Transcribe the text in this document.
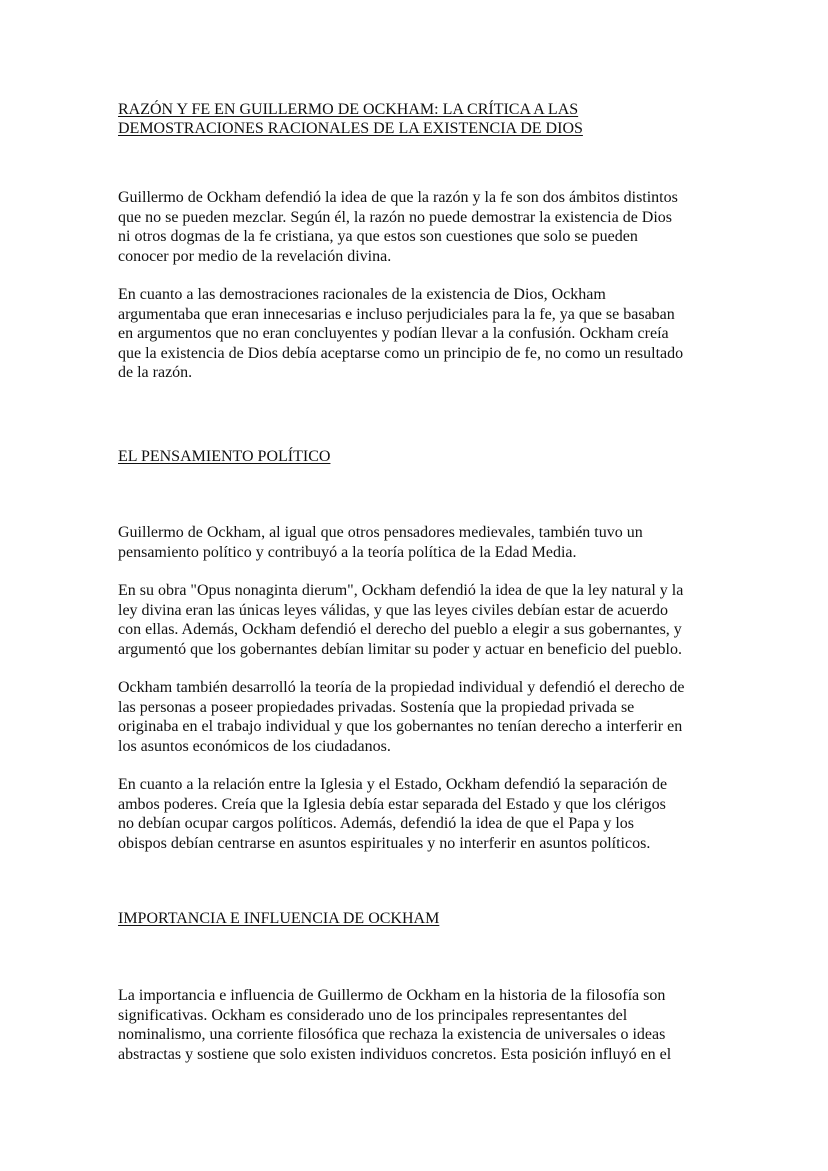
RAZÓN Y FE EN GUILLERMO DE OCKHAM: LA CRÍTICA A LAS
DEMOSTRACIONES RACIONALES DE LA EXISTENCIA DE DIOS

Guillermo de Ockham defendió la idea de que la razón y la fe son dos ámbitos distintos
que no se pueden mezclar. Según él, la razón no puede demostrar la existencia de Dios
ni otros dogmas de la fe cristiana, ya que estos son cuestiones que solo se pueden
conocer por medio de la revelación divina.

En cuanto a las demostraciones racionales de la existencia de Dios, Ockham
argumentaba que eran innecesarias e incluso perjudiciales para la fe, ya que se basaban
en argumentos que no eran concluyentes y podían llevar a la confusión. Ockham creía
que la existencia de Dios debía aceptarse como un principio de fe, no como un resultado
de la razón.

EL PENSAMIENTO POLÍTICO

Guillermo de Ockham, al igual que otros pensadores medievales, también tuvo un
pensamiento político y contribuyó a la teoría política de la Edad Media.

En su obra "Opus nonaginta dierum", Ockham defendió la idea de que la ley natural y la
ley divina eran las únicas leyes válidas, y que las leyes civiles debían estar de acuerdo
con ellas. Además, Ockham defendió el derecho del pueblo a elegir a sus gobernantes, y
argumentó que los gobernantes debían limitar su poder y actuar en beneficio del pueblo.

Ockham también desarrolló la teoría de la propiedad individual y defendió el derecho de
las personas a poseer propiedades privadas. Sostenía que la propiedad privada se
originaba en el trabajo individual y que los gobernantes no tenían derecho a interferir en
los asuntos económicos de los ciudadanos.

En cuanto a la relación entre la Iglesia y el Estado, Ockham defendió la separación de
ambos poderes. Creía que la Iglesia debía estar separada del Estado y que los clérigos
no debían ocupar cargos políticos. Además, defendió la idea de que el Papa y los
obispos debían centrarse en asuntos espirituales y no interferir en asuntos políticos.

IMPORTANCIA E INFLUENCIA DE OCKHAM

La importancia e influencia de Guillermo de Ockham en la historia de la filosofía son
significativas. Ockham es considerado uno de los principales representantes del
nominalismo, una corriente filosófica que rechaza la existencia de universales o ideas
abstractas y sostiene que solo existen individuos concretos. Esta posición influyó en el
